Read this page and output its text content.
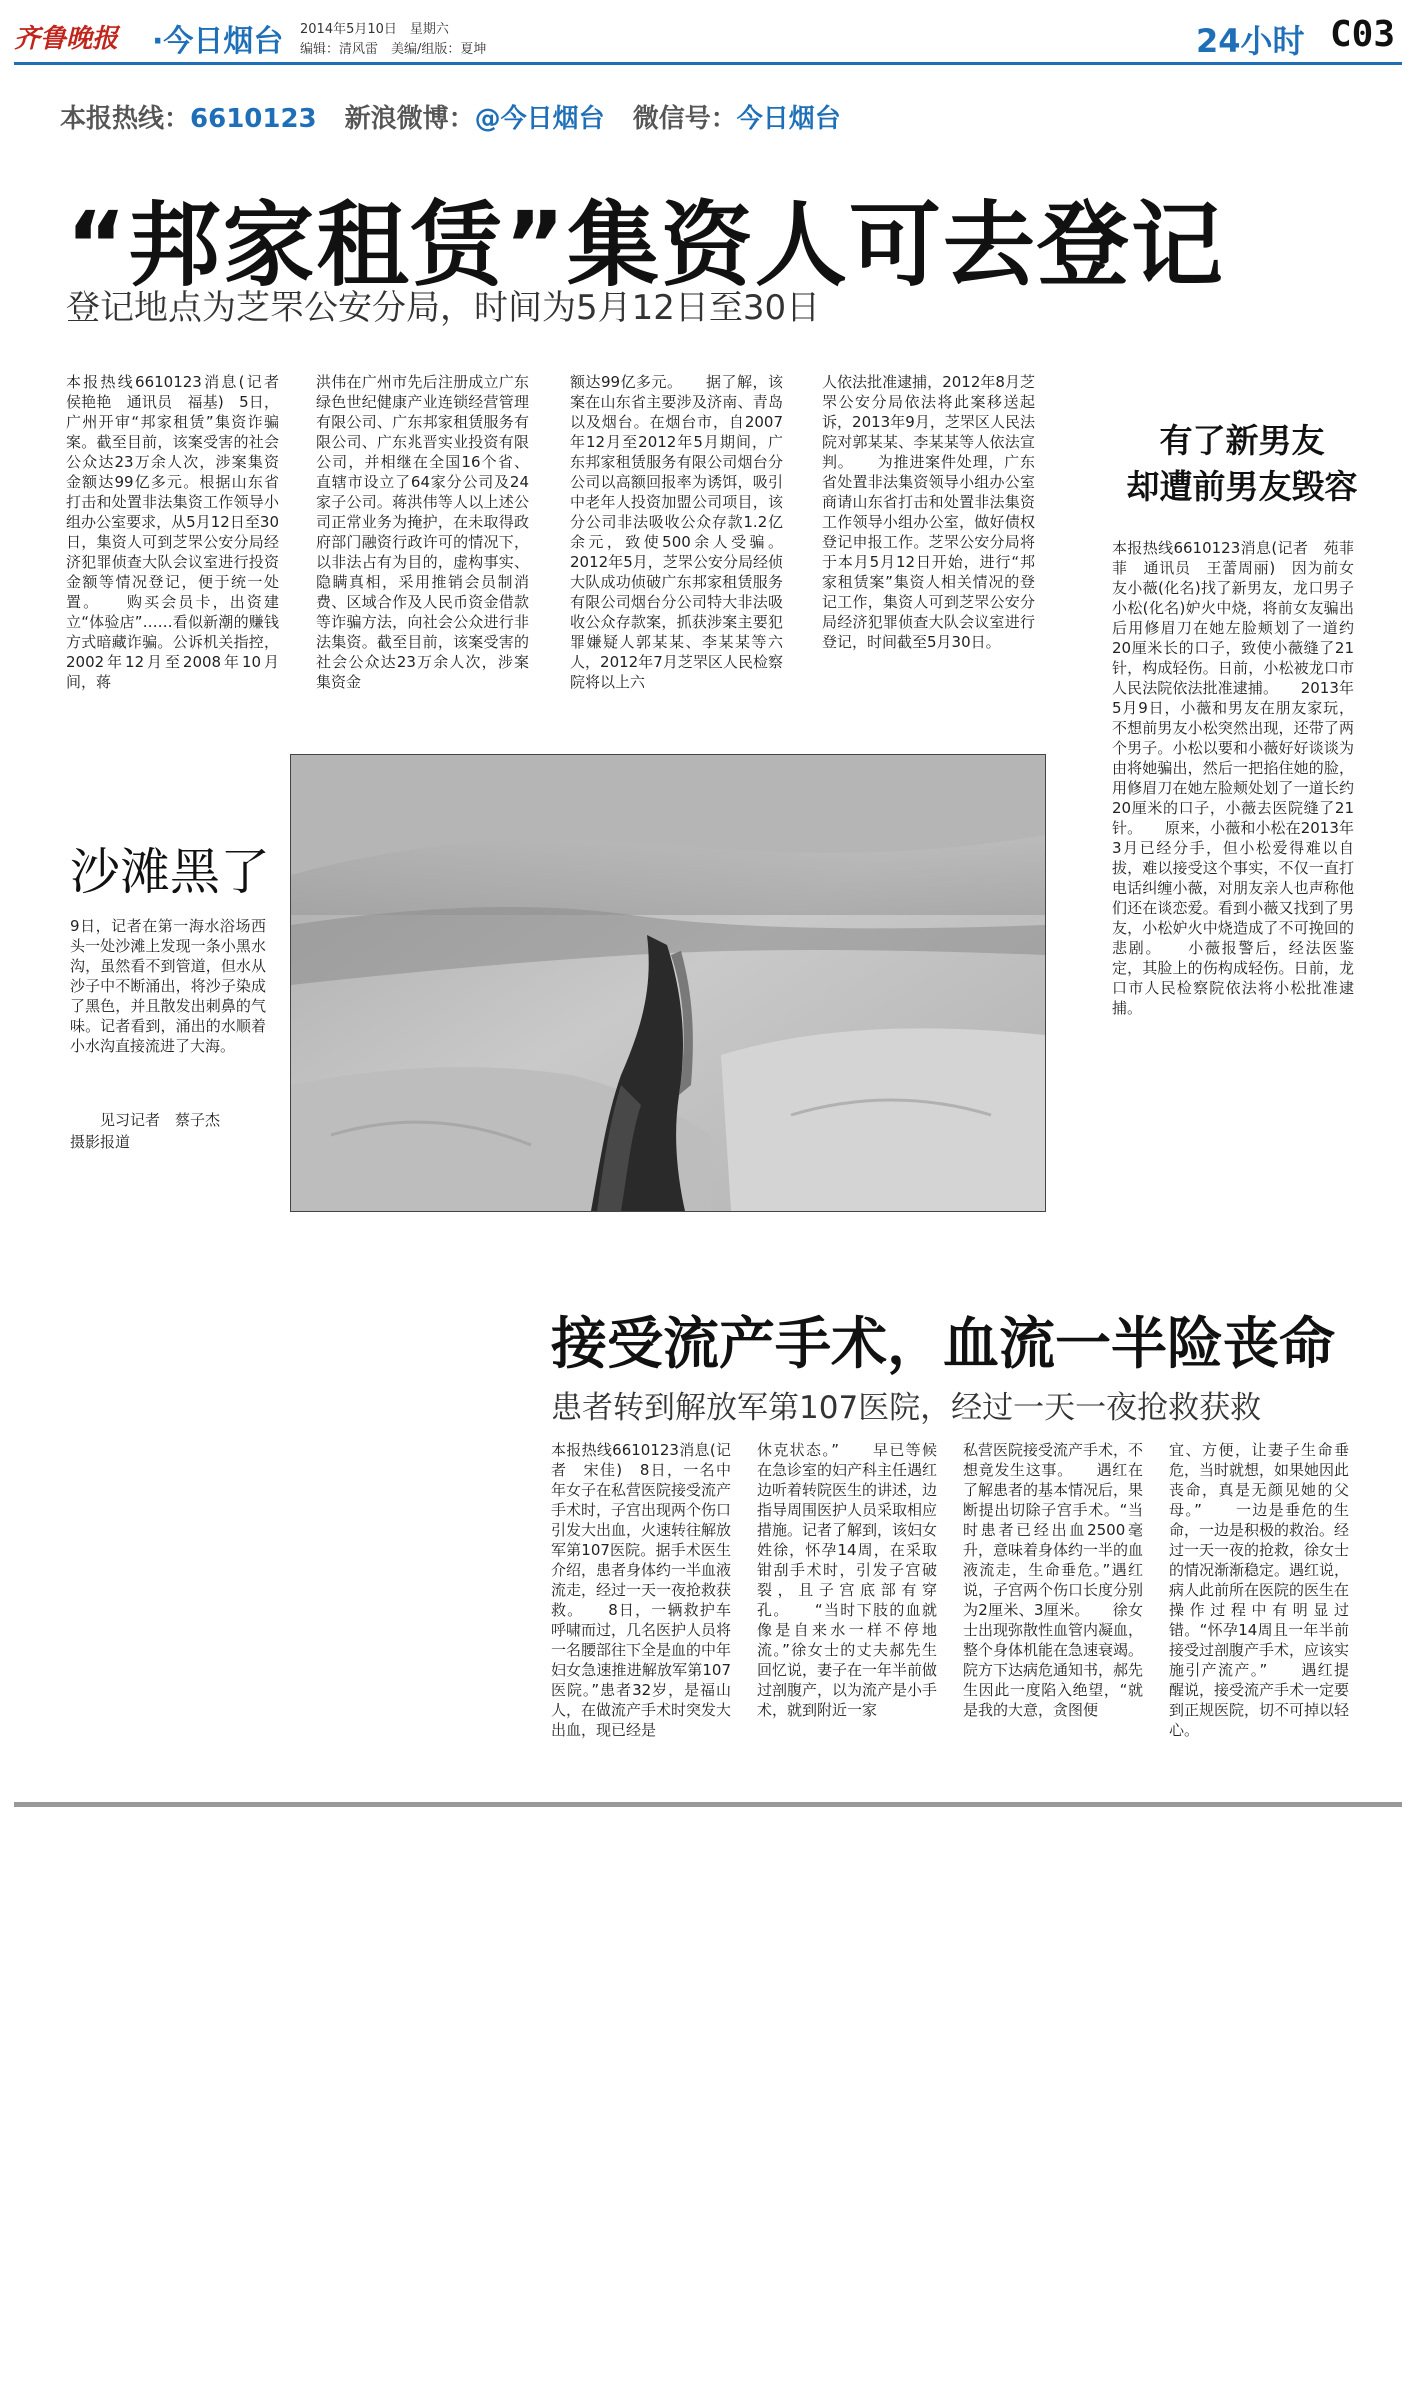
齐鲁晚报 ·今日烟台 2014年5月10日　星期六
编辑：清风雷　美编/组版：夏坤	24小时 C03
本报热线：6610123 新浪微博：@今日烟台 微信号：今日烟台
“邦家租赁”集资人可去登记
登记地点为芝罘公安分局，时间为5月12日至30日
本报热线6610123消息(记者　侯艳艳　通讯员　福基)　5日，广州开审“邦家租赁”集资诈骗案。截至目前，该案受害的社会公众达23万余人次，涉案集资金额达99亿多元。根据山东省打击和处置非法集资工作领导小组办公室要求，从5月12日至30日，集资人可到芝罘公安分局经济犯罪侦查大队会议室进行投资金额等情况登记，便于统一处置。　　购买会员卡，出资建立“体验店”……看似新潮的赚钱方式暗藏诈骗。公诉机关指控，2002年12月至2008年10月间，蒋
洪伟在广州市先后注册成立广东绿色世纪健康产业连锁经营管理有限公司、广东邦家租赁服务有限公司、广东兆晋实业投资有限公司，并相继在全国16个省、直辖市设立了64家分公司及24家子公司。蒋洪伟等人以上述公司正常业务为掩护，在未取得政府部门融资行政许可的情况下，以非法占有为目的，虚构事实、隐瞒真相，采用推销会员制消费、区域合作及人民币资金借款等诈骗方法，向社会公众进行非法集资。截至目前，该案受害的社会公众达23万余人次，涉案集资金
额达99亿多元。　　据了解，该案在山东省主要涉及济南、青岛以及烟台。在烟台市，自2007年12月至2012年5月期间，广东邦家租赁服务有限公司烟台分公司以高额回报率为诱饵，吸引中老年人投资加盟公司项目，该分公司非法吸收公众存款1.2亿余元，致使500余人受骗。2012年5月，芝罘公安分局经侦大队成功侦破广东邦家租赁服务有限公司烟台分公司特大非法吸收公众存款案，抓获涉案主要犯罪嫌疑人郭某某、李某某等六人，2012年7月芝罘区人民检察院将以上六
人依法批准逮捕，2012年8月芝罘公安分局依法将此案移送起诉，2013年9月，芝罘区人民法院对郭某某、李某某等人依法宣判。　　为推进案件处理，广东省处置非法集资领导小组办公室商请山东省打击和处置非法集资工作领导小组办公室，做好债权登记申报工作。芝罘公安分局将于本月5月12日开始，进行“邦家租赁案”集资人相关情况的登记工作，集资人可到芝罘公安分局经济犯罪侦查大队会议室进行登记，时间截至5月30日。
有了新男友
却遭前男友毁容
本报热线6610123消息(记者　苑菲菲　通讯员　王蕾周丽)　因为前女友小薇(化名)找了新男友，龙口男子小松(化名)妒火中烧，将前女友骗出后用修眉刀在她左脸颊划了一道约20厘米长的口子，致使小薇缝了21针，构成轻伤。日前，小松被龙口市人民法院依法批准逮捕。　　2013年5月9日，小薇和男友在朋友家玩，不想前男友小松突然出现，还带了两个男子。小松以要和小薇好好谈谈为由将她骗出，然后一把掐住她的脸，用修眉刀在她左脸颊处划了一道长约20厘米的口子，小薇去医院缝了21针。　　原来，小薇和小松在2013年3月已经分手，但小松爱得难以自拔，难以接受这个事实，不仅一直打电话纠缠小薇，对朋友亲人也声称他们还在谈恋爱。看到小薇又找到了男友，小松妒火中烧造成了不可挽回的悲剧。　　小薇报警后，经法医鉴定，其脸上的伤构成轻伤。日前，龙口市人民检察院依法将小松批准逮捕。
沙滩黑了
9日，记者在第一海水浴场西头一处沙滩上发现一条小黑水沟，虽然看不到管道，但水从沙子中不断涌出，将沙子染成了黑色，并且散发出刺鼻的气味。记者看到，涌出的水顺着小水沟直接流进了大海。
见习记者　蔡子杰
摄影报道
接受流产手术，血流一半险丧命
患者转到解放军第107医院，经过一天一夜抢救获救
本报热线6610123消息(记者　宋佳)　8日，一名中年女子在私营医院接受流产手术时，子宫出现两个伤口引发大出血，火速转往解放军第107医院。据手术医生介绍，患者身体约一半血液流走，经过一天一夜抢救获救。　　8日，一辆救护车呼啸而过，几名医护人员将一名腰部往下全是血的中年妇女急速推进解放军第107医院。”患者32岁，是福山人，在做流产手术时突发大出血，现已经是
休克状态。”　　早已等候在急诊室的妇产科主任遇红边听着转院医生的讲述，边指导周围医护人员采取相应措施。记者了解到，该妇女姓徐，怀孕14周，在采取钳刮手术时，引发子宫破裂，且子宫底部有穿孔。　　“当时下肢的血就像是自来水一样不停地流。”徐女士的丈夫郝先生回忆说，妻子在一年半前做过剖腹产，以为流产是小手术，就到附近一家
私营医院接受流产手术，不想竟发生这事。　　遇红在了解患者的基本情况后，果断提出切除子宫手术。“当时患者已经出血2500毫升，意味着身体约一半的血液流走，生命垂危。”遇红说，子宫两个伤口长度分别为2厘米、3厘米。　　徐女士出现弥散性血管内凝血，整个身体机能在急速衰竭。院方下达病危通知书，郝先生因此一度陷入绝望，“就是我的大意，贪图便
宜、方便，让妻子生命垂危，当时就想，如果她因此丧命，真是无颜见她的父母。”　　一边是垂危的生命，一边是积极的救治。经过一天一夜的抢救，徐女士的情况渐渐稳定。遇红说，病人此前所在医院的医生在操作过程中有明显过错。“怀孕14周且一年半前接受过剖腹产手术，应该实施引产流产。”　　遇红提醒说，接受流产手术一定要到正规医院，切不可掉以轻心。
